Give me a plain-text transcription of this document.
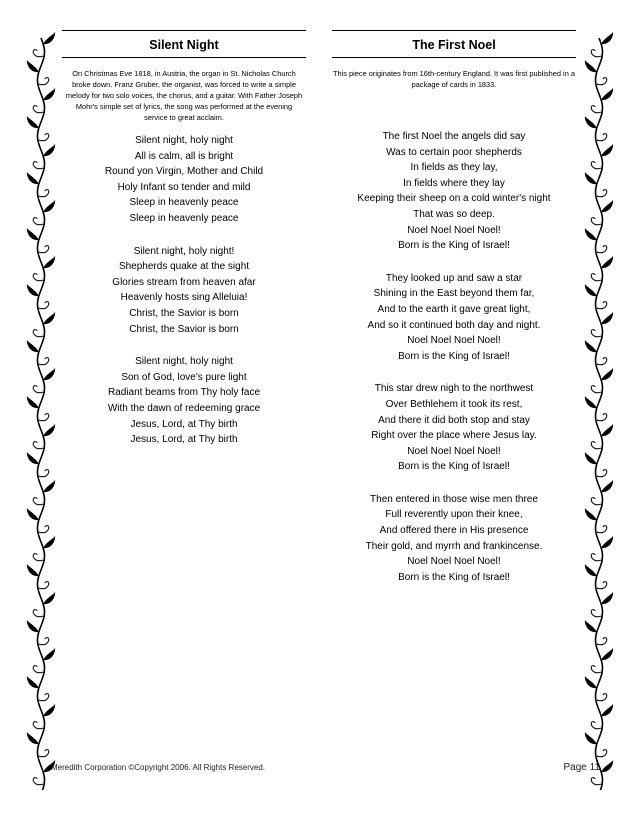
Silent Night
On Christmas Eve 1818, in Austria, the organ in St. Nicholas Church broke down. Franz Gruber, the organist, was forced to write a simple melody for two solo voices, the chorus, and a guitar. With Father Joseph Mohr's simple set of lyrics, the song was performed at the evening service to great acclaim.
Silent night, holy night
All is calm, all is bright
Round yon Virgin, Mother and Child
Holy Infant so tender and mild
Sleep in heavenly peace
Sleep in heavenly peace
Silent night, holy night!
Shepherds quake at the sight
Glories stream from heaven afar
Heavenly hosts sing Alleluia!
Christ, the Savior is born
Christ, the Savior is born
Silent night, holy night
Son of God, love's pure light
Radiant beams from Thy holy face
With the dawn of redeeming grace
Jesus, Lord, at Thy birth
Jesus, Lord, at Thy birth
The First Noel
This piece originates from 16th-century England. It was first published in a package of cards in 1833.
The first Noel the angels did say
Was to certain poor shepherds
In fields as they lay,
In fields where they lay
Keeping their sheep on a cold winter's night
That was so deep.
Noel Noel Noel Noel!
Born is the King of Israel!
They looked up and saw a star
Shining in the East beyond them far,
And to the earth it gave great light,
And so it continued both day and night.
Noel Noel Noel Noel!
Born is the King of Israel!
This star drew nigh to the northwest
Over Bethlehem it took its rest,
And there it did both stop and stay
Right over the place where Jesus lay.
Noel Noel Noel Noel!
Born is the King of Israel!
Then entered in those wise men three
Full reverently upon their knee,
And offered there in His presence
Their gold, and myrrh and frankincense.
Noel Noel Noel Noel!
Born is the King of Israel!
Meredith Corporation ©Copyright 2006. All Rights Reserved.	Page 11
